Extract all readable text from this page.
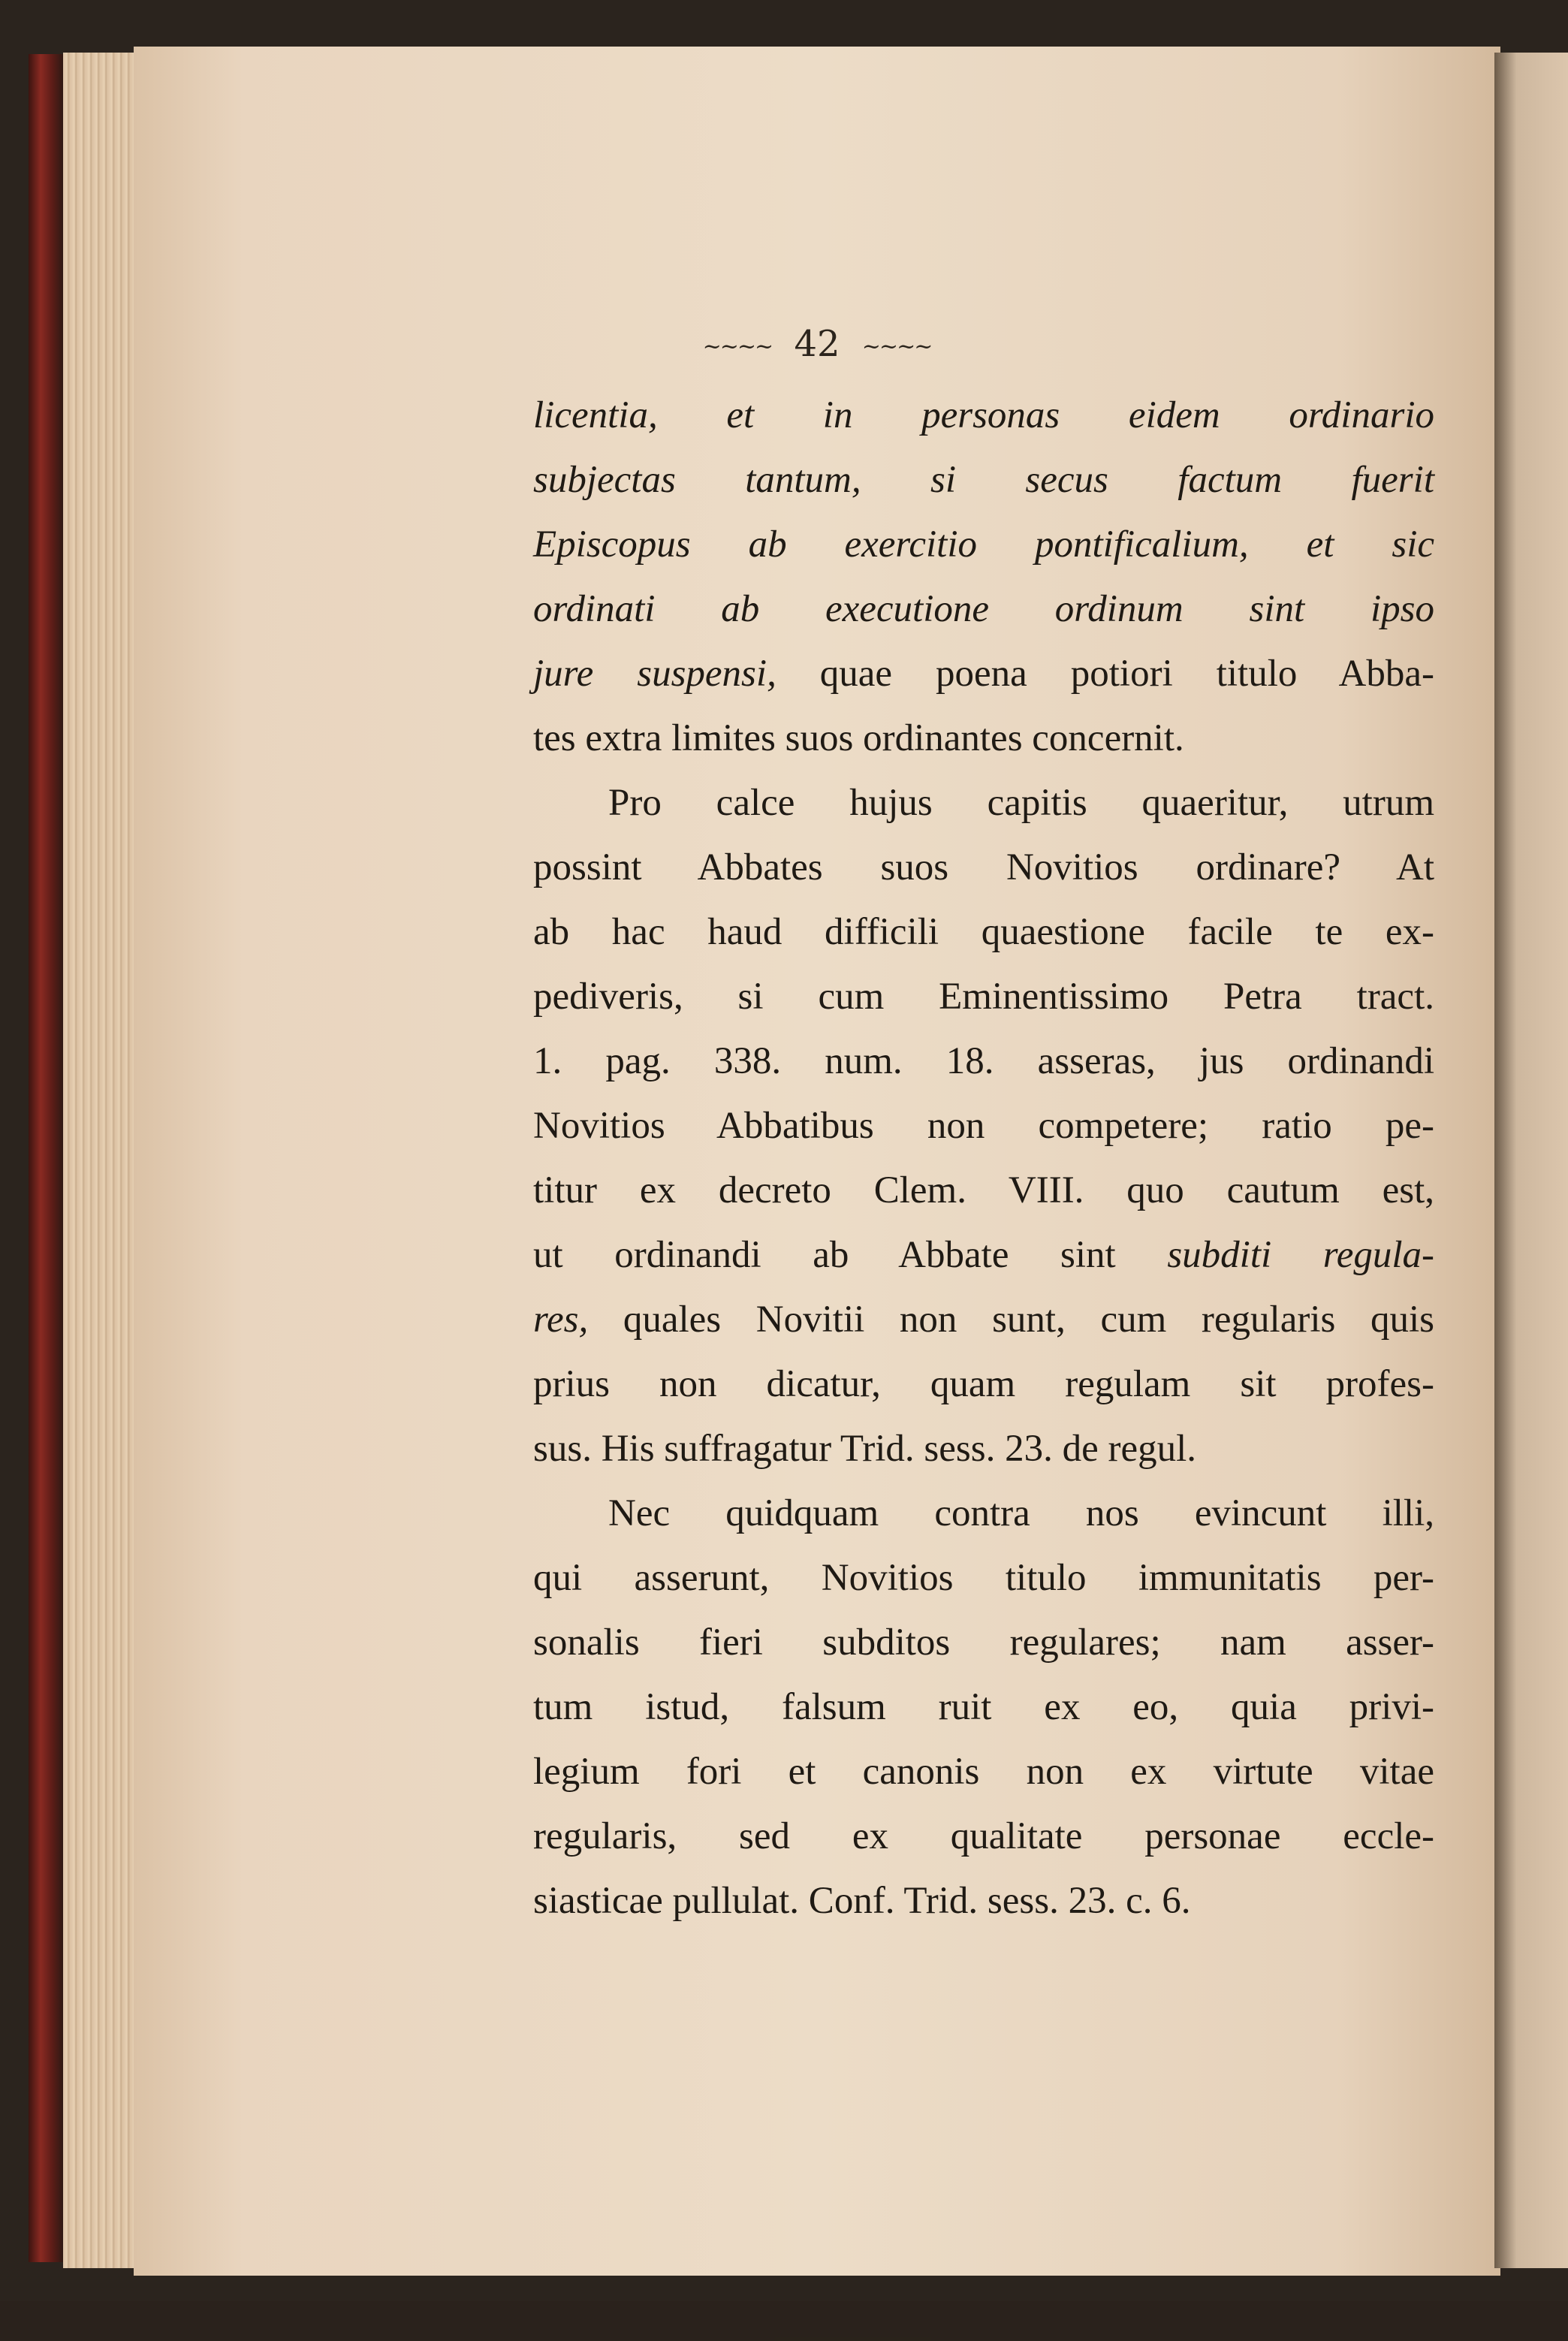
~~~~ 42 ~~~~
licentia, et in personas eidem ordinario
subjectas tantum, si secus factum fuerit
Episcopus ab exercitio pontificalium, et sic
ordinati ab executione ordinum sint ipso
jure suspensi, quae poena potiori titulo Abba-
tes extra limites suos ordinantes concernit.
Pro calce hujus capitis quaeritur, utrum
possint Abbates suos Novitios ordinare? At
ab hac haud difficili quaestione facile te ex-
pediveris, si cum Eminentissimo Petra tract.
1. pag. 338. num. 18. asseras, jus ordinandi
Novitios Abbatibus non competere; ratio pe-
titur ex decreto Clem. VIII. quo cautum est,
ut ordinandi ab Abbate sint subditi regula-
res, quales Novitii non sunt, cum regularis quis
prius non dicatur, quam regulam sit profes-
sus. His suffragatur Trid. sess. 23. de regul.
Nec quidquam contra nos evincunt illi,
qui asserunt, Novitios titulo immunitatis per-
sonalis fieri subditos regulares; nam asser-
tum istud, falsum ruit ex eo, quia privi-
legium fori et canonis non ex virtute vitae
regularis, sed ex qualitate personae eccle-
siasticae pullulat. Conf. Trid. sess. 23. c. 6.
